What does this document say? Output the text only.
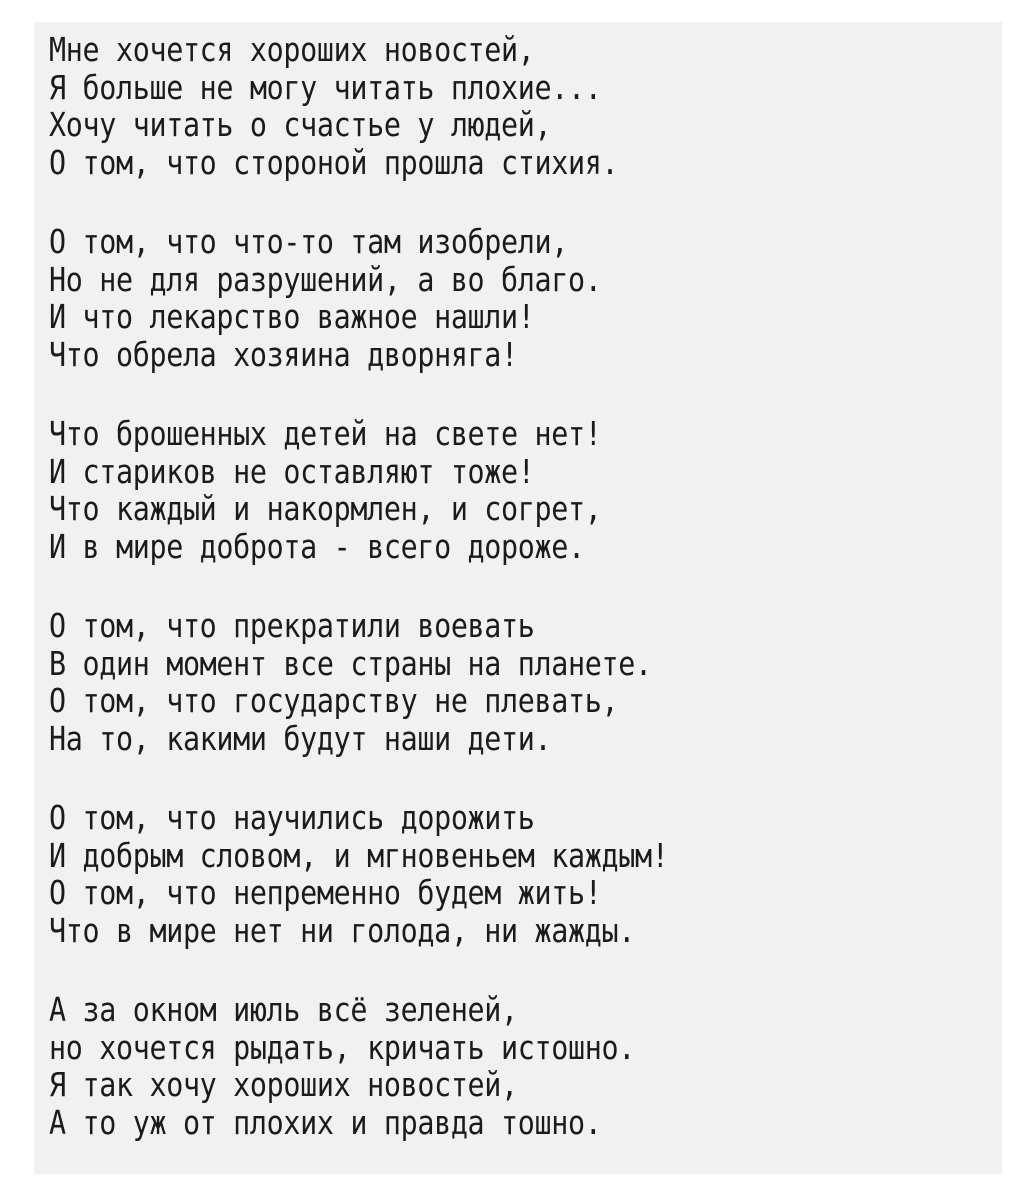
Мне хочется хороших новостей,
Я больше не могу читать плохие...
Хочу читать о счастье у людей,
О том, что стороной прошла стихия.
О том, что что-то там изобрели,
Но не для разрушений, а во благо.
И что лекарство важное нашли!
Что обрела хозяина дворняга!
Что брошенных детей на свете нет!
И стариков не оставляют тоже!
Что каждый и накормлен, и согрет,
И в мире доброта - всего дороже.
О том, что прекратили воевать
В один момент все страны на планете.
О том, что государству не плевать,
На то, какими будут наши дети.
О том, что научились дорожить
И добрым словом, и мгновеньем каждым!
О том, что непременно будем жить!
Что в мире нет ни голода, ни жажды.
А за окном июль всё зеленей,
но хочется рыдать, кричать истошно.
Я так хочу хороших новостей,
А то уж от плохих и правда тошно.
